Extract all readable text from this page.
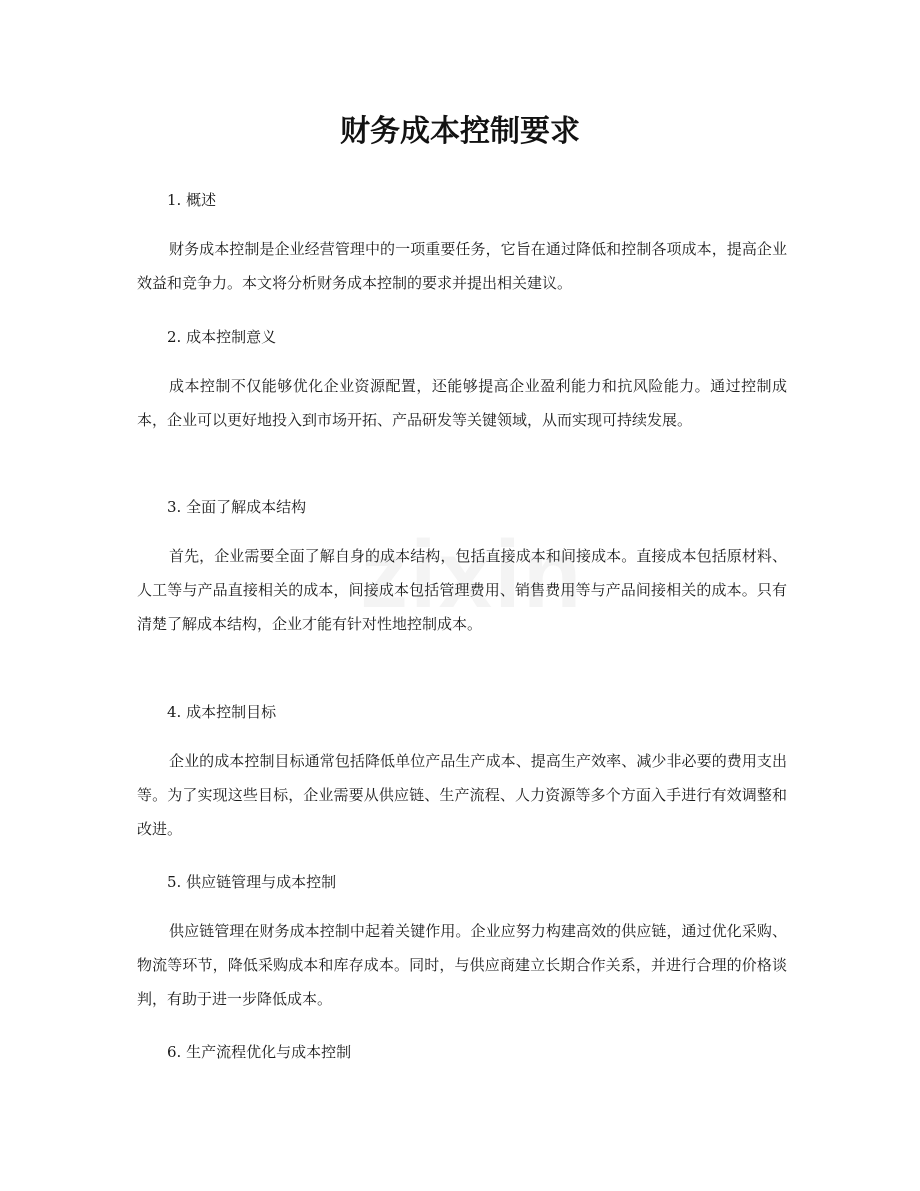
财务成本控制要求

1. 概述

财务成本控制是企业经营管理中的一项重要任务，它旨在通过降低和控制各项成本，提高企业效益和竞争力。本文将分析财务成本控制的要求并提出相关建议。

2. 成本控制意义

成本控制不仅能够优化企业资源配置，还能够提高企业盈利能力和抗风险能力。通过控制成本，企业可以更好地投入到市场开拓、产品研发等关键领域，从而实现可持续发展。

3. 全面了解成本结构

首先，企业需要全面了解自身的成本结构，包括直接成本和间接成本。直接成本包括原材料、人工等与产品直接相关的成本，间接成本包括管理费用、销售费用等与产品间接相关的成本。只有清楚了解成本结构，企业才能有针对性地控制成本。

4. 成本控制目标

企业的成本控制目标通常包括降低单位产品生产成本、提高生产效率、减少非必要的费用支出等。为了实现这些目标，企业需要从供应链、生产流程、人力资源等多个方面入手进行有效调整和改进。

5. 供应链管理与成本控制

供应链管理在财务成本控制中起着关键作用。企业应努力构建高效的供应链，通过优化采购、物流等环节，降低采购成本和库存成本。同时，与供应商建立长期合作关系，并进行合理的价格谈判，有助于进一步降低成本。

6. 生产流程优化与成本控制
